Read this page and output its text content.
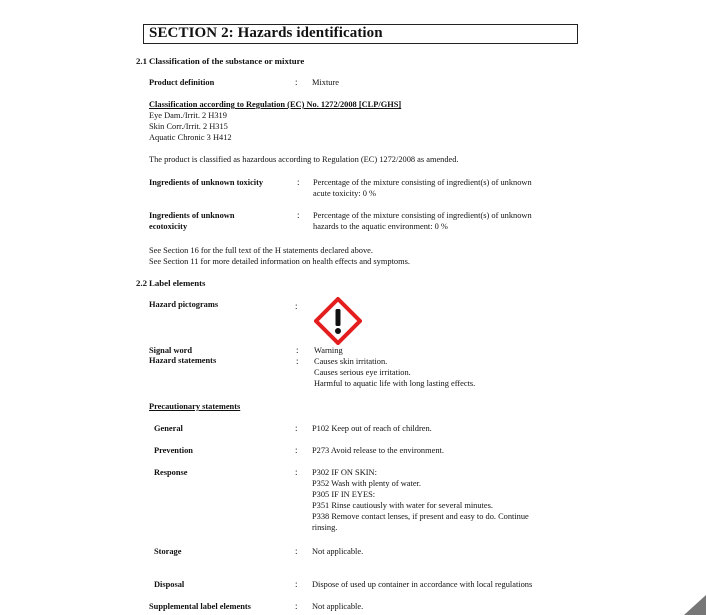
SECTION 2: Hazards identification
2.1 Classification of the substance or mixture
Product definition	: Mixture
Classification according to Regulation (EC) No. 1272/2008 [CLP/GHS]
Eye Dam./Irrit. 2 H319
Skin Corr./Irrit. 2 H315
Aquatic Chronic 3 H412
The product is classified as hazardous according to Regulation (EC) 1272/2008 as amended.
Ingredients of unknown toxicity	: Percentage of the mixture consisting of ingredient(s) of unknown
acute toxicity: 0 %
Ingredients of unknown
ecotoxicity
: Percentage of the mixture consisting of ingredient(s) of unknown
hazards to the aquatic environment: 0 %
See Section 16 for the full text of the H statements declared above.
See Section 11 for more detailed information on health effects and symptoms.
2.2 Label elements
Hazard pictograms	:
Signal word	: Warning
Hazard statements	: Causes skin irritation.
Causes serious eye irritation.
Harmful to aquatic life with long lasting effects.
Precautionary statements
General	: P102 Keep out of reach of children.
Prevention	: P273 Avoid release to the environment.
Response	: P302 IF ON SKIN:
P352 Wash with plenty of water.
P305 IF IN EYES:
P351 Rinse cautiously with water for several minutes.
P338 Remove contact lenses, if present and easy to do. Continue
rinsing.
Storage	: Not applicable.
Disposal	: Dispose of used up container in accordance with local regulations
Supplemental label elements	: Not applicable.
